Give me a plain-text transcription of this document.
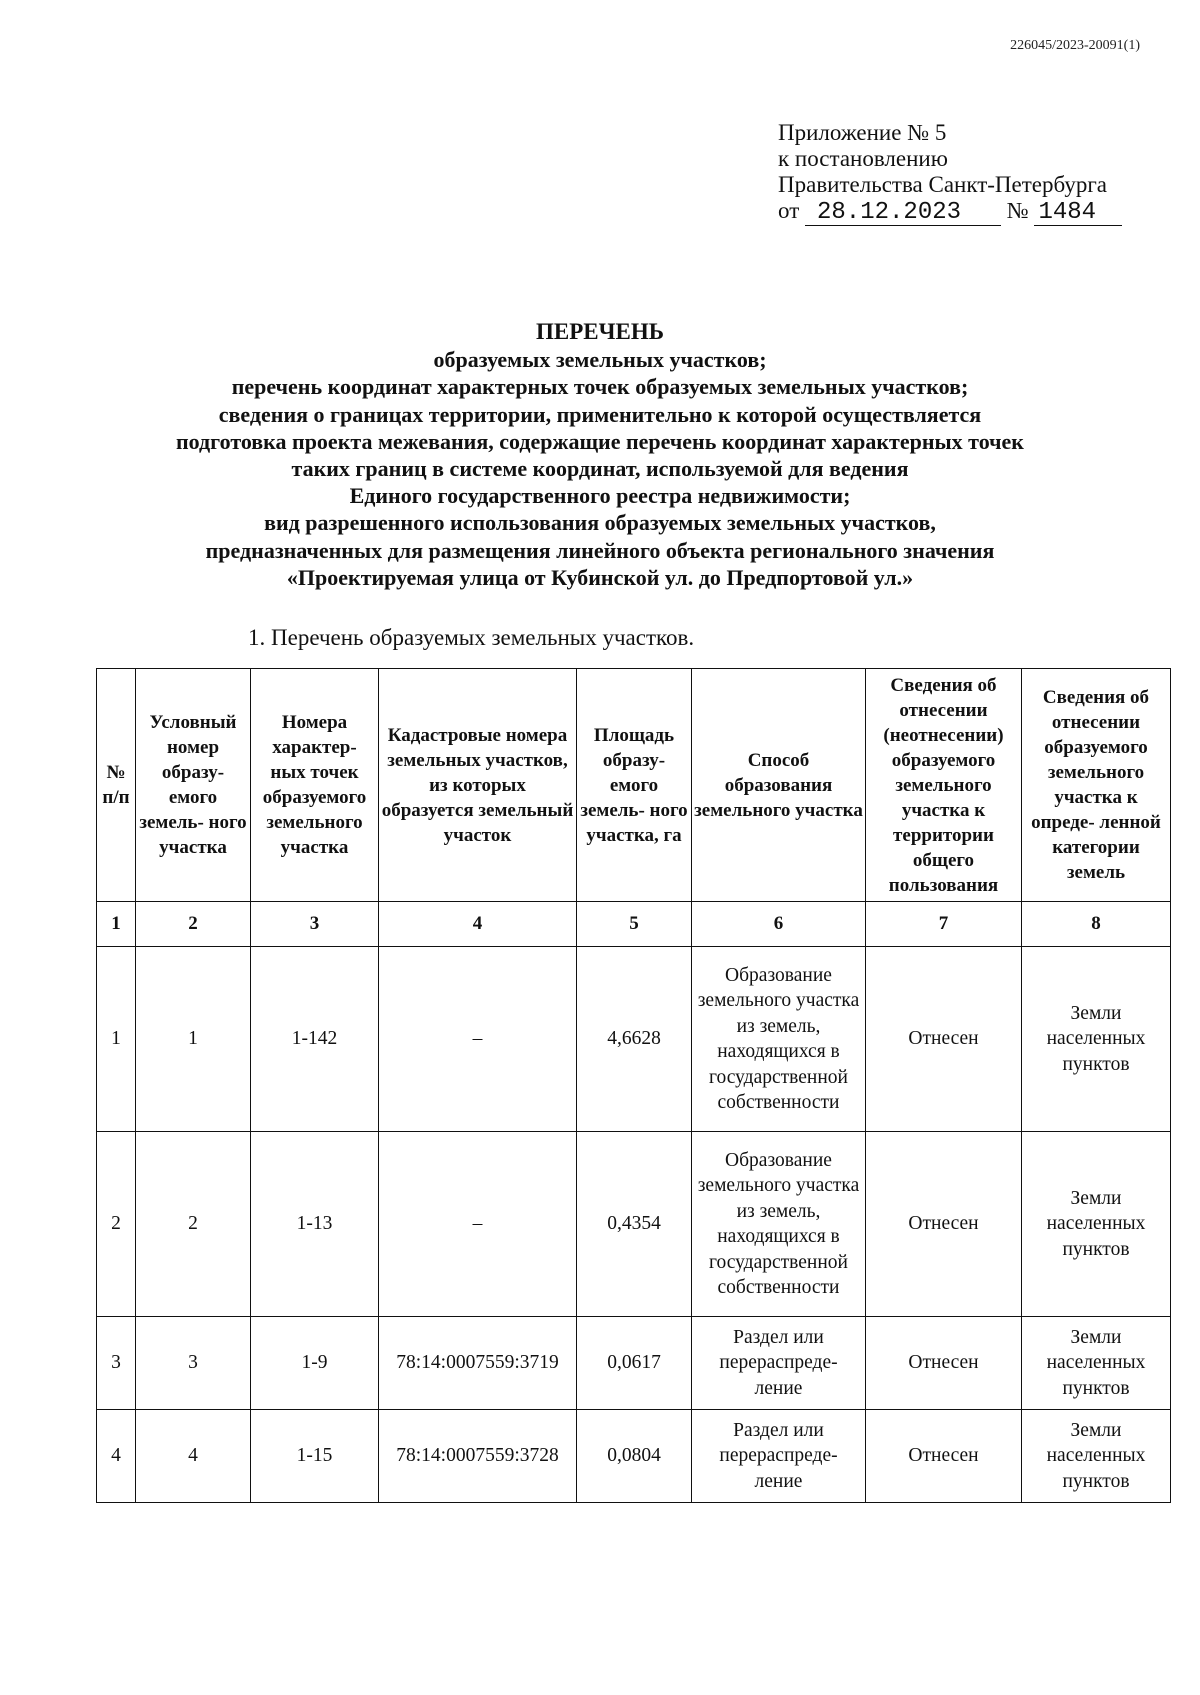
226045/2023-20091(1)
Приложение № 5
к постановлению
Правительства Санкт-Петербурга
от 28.12.2023 № 1484
ПЕРЕЧЕНЬ
образуемых земельных участков;
перечень координат характерных точек образуемых земельных участков;
сведения о границах территории, применительно к которой осуществляется
подготовка проекта межевания, содержащие перечень координат характерных точек
таких границ в системе координат, используемой для ведения
Единого государственного реестра недвижимости;
вид разрешенного использования образуемых земельных участков,
предназначенных для размещения линейного объекта регионального значения
«Проектируемая улица от Кубинской ул. до Предпортовой ул.»
1. Перечень образуемых земельных участков.
№ п/п	Условный номер образу- емого земель- ного участка	Номера характер- ных точек образуемого земельного участка	Кадастровые номера земельных участков, из которых образуется земельный участок	Площадь образу- емого земель- ного участка, га	Способ образования земельного участка	Сведения об отнесении (неотнесении) образуемого земельного участка к территории общего пользования	Сведения об отнесении образуемого земельного участка к опреде- ленной категории земель
1	2	3	4	5	6	7	8
1	1	1-142	–	4,6628	Образование земельного участка из земель, находящихся в государственной собственности	Отнесен	Земли населенных пунктов
2	2	1-13	–	0,4354	Образование земельного участка из земель, находящихся в государственной собственности	Отнесен	Земли населенных пунктов
3	3	1-9	78:14:0007559:3719	0,0617	Раздел или перераспреде- ление	Отнесен	Земли населенных пунктов
4	4	1-15	78:14:0007559:3728	0,0804	Раздел или перераспреде- ление	Отнесен	Земли населенных пунктов
